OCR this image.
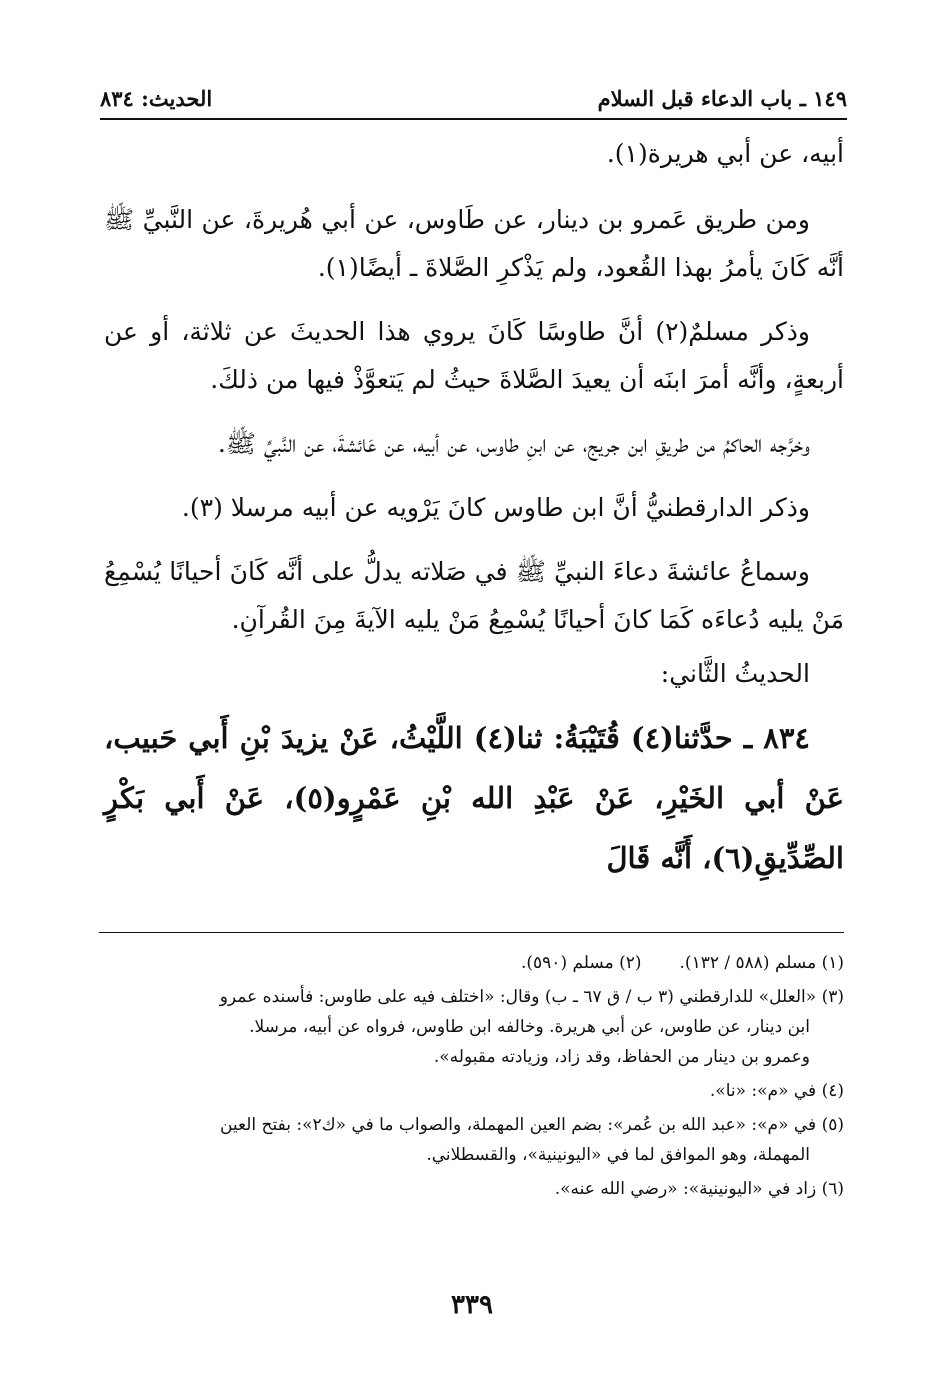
١٤٩ ـ باب الدعاء قبل السلام
الحديث: ٨٣٤

أبيه، عن أبي هريرة(١).

ومن طريق عَمرو بن دينار، عن طَاوس، عن أبي هُريرةَ، عن النَّبيِّ ﷺ أنَّه كَانَ يأمرُ بهذا القُعود، ولم يَذْكرِ الصَّلاةَ ـ أيضًا(١).

وذكر مسلمٌ(٢) أنَّ طاوسًا كَانَ يروي هذا الحديثَ عن ثلاثة، أو عن أربعةٍ، وأنَّه أمرَ ابنَه أن يعيدَ الصَّلاةَ حيثُ لم يَتعوَّذْ فيها من ذلكَ.

وخرَّجه الحاكمُ من طريقِ ابن جريج، عن ابنِ طاوس، عن أبيه، عن عَائشةَ، عن النَّبيِّ ﷺ.

وذكر الدارقطنيُّ أنَّ ابن طاوس كانَ يَرْويه عن أبيه مرسلا (٣).

وسماعُ عائشةَ دعاءَ النبيِّ ﷺ في صَلاته يدلُّ على أنَّه كَانَ أحيانًا يُسْمِعُ مَنْ يليه دُعاءَه كَمَا كانَ أحيانًا يُسْمِعُ مَنْ يليه الآيةَ مِنَ القُرآنِ.

الحديثُ الثَّاني:

٨٣٤ ـ حدَّثنا(٤) قُتَيْبَةُ: ثنا(٤) اللَّيْثُ، عَنْ يزيدَ بْنِ أَبي حَبيب، عَنْ أبي الخَيْرِ، عَنْ عَبْدِ الله بْنِ عَمْرٍو(٥)، عَنْ أَبي بَكْرٍ الصِّدِّيقِ(٦)، أَنَّه قَالَ

(١) مسلم (٥٨٨ / ١٣٢).
(٢) مسلم (٥٩٠).
(٣) «العلل» للدارقطني (٣ ب / ق ٦٧ ـ ب) وقال: «اختلف فيه على طاوس: فأسنده عمرو
ابن دينار، عن طاوس، عن أبي هريرة. وخالفه ابن طاوس، فرواه عن أبيه، مرسلا.
وعمرو بن دينار من الحفاظ، وقد زاد، وزيادته مقبوله».
(٤) في «م»: «نا».
(٥) في «م»: «عبد الله بن عُمر»: بضم العين المهملة، والصواب ما في «ك٢»: بفتح العين
المهملة، وهو الموافق لما في «اليونينية»، والقسطلاني.
(٦) زاد في «اليونينية»: «رضي الله عنه».
٣٣٩
